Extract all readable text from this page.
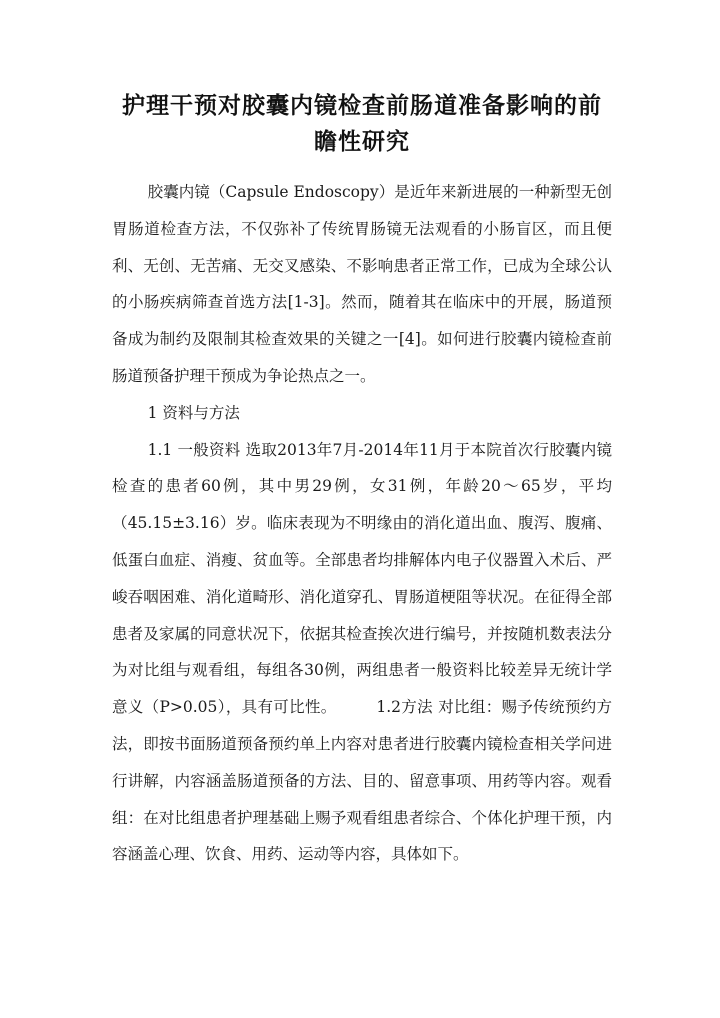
护理干预对胶囊内镜检查前肠道准备影响的前瞻性研究

胶囊内镜（Capsule Endoscopy）是近年来新进展的一种新型无创胃肠道检查方法，不仅弥补了传统胃肠镜无法观看的小肠盲区，而且便利、无创、无苦痛、无交叉感染、不影响患者正常工作，已成为全球公认的小肠疾病筛查首选方法[1-3]。然而，随着其在临床中的开展，肠道预备成为制约及限制其检查效果的关键之一[4]。如何进行胶囊内镜检查前肠道预备护理干预成为争论热点之一。

1 资料与方法

1.1 一般资料 选取2013年7月-2014年11月于本院首次行胶囊内镜检查的患者60例，其中男29例，女31例，年龄20～65岁，平均（45.15±3.16）岁。临床表现为不明缘由的消化道出血、腹泻、腹痛、低蛋白血症、消瘦、贫血等。全部患者均排解体内电子仪器置入术后、严峻吞咽困难、消化道畸形、消化道穿孔、胃肠道梗阻等状况。在征得全部患者及家属的同意状况下，依据其检查挨次进行编号，并按随机数表法分为对比组与观看组，每组各30例，两组患者一般资料比较差异无统计学意义（P>0.05），具有可比性。　　　1.2方法 对比组：赐予传统预约方法，即按书面肠道预备预约单上内容对患者进行胶囊内镜检查相关学问进行讲解，内容涵盖肠道预备的方法、目的、留意事项、用药等内容。观看组：在对比组患者护理基础上赐予观看组患者综合、个体化护理干预，内容涵盖心理、饮食、用药、运动等内容，具体如下。
